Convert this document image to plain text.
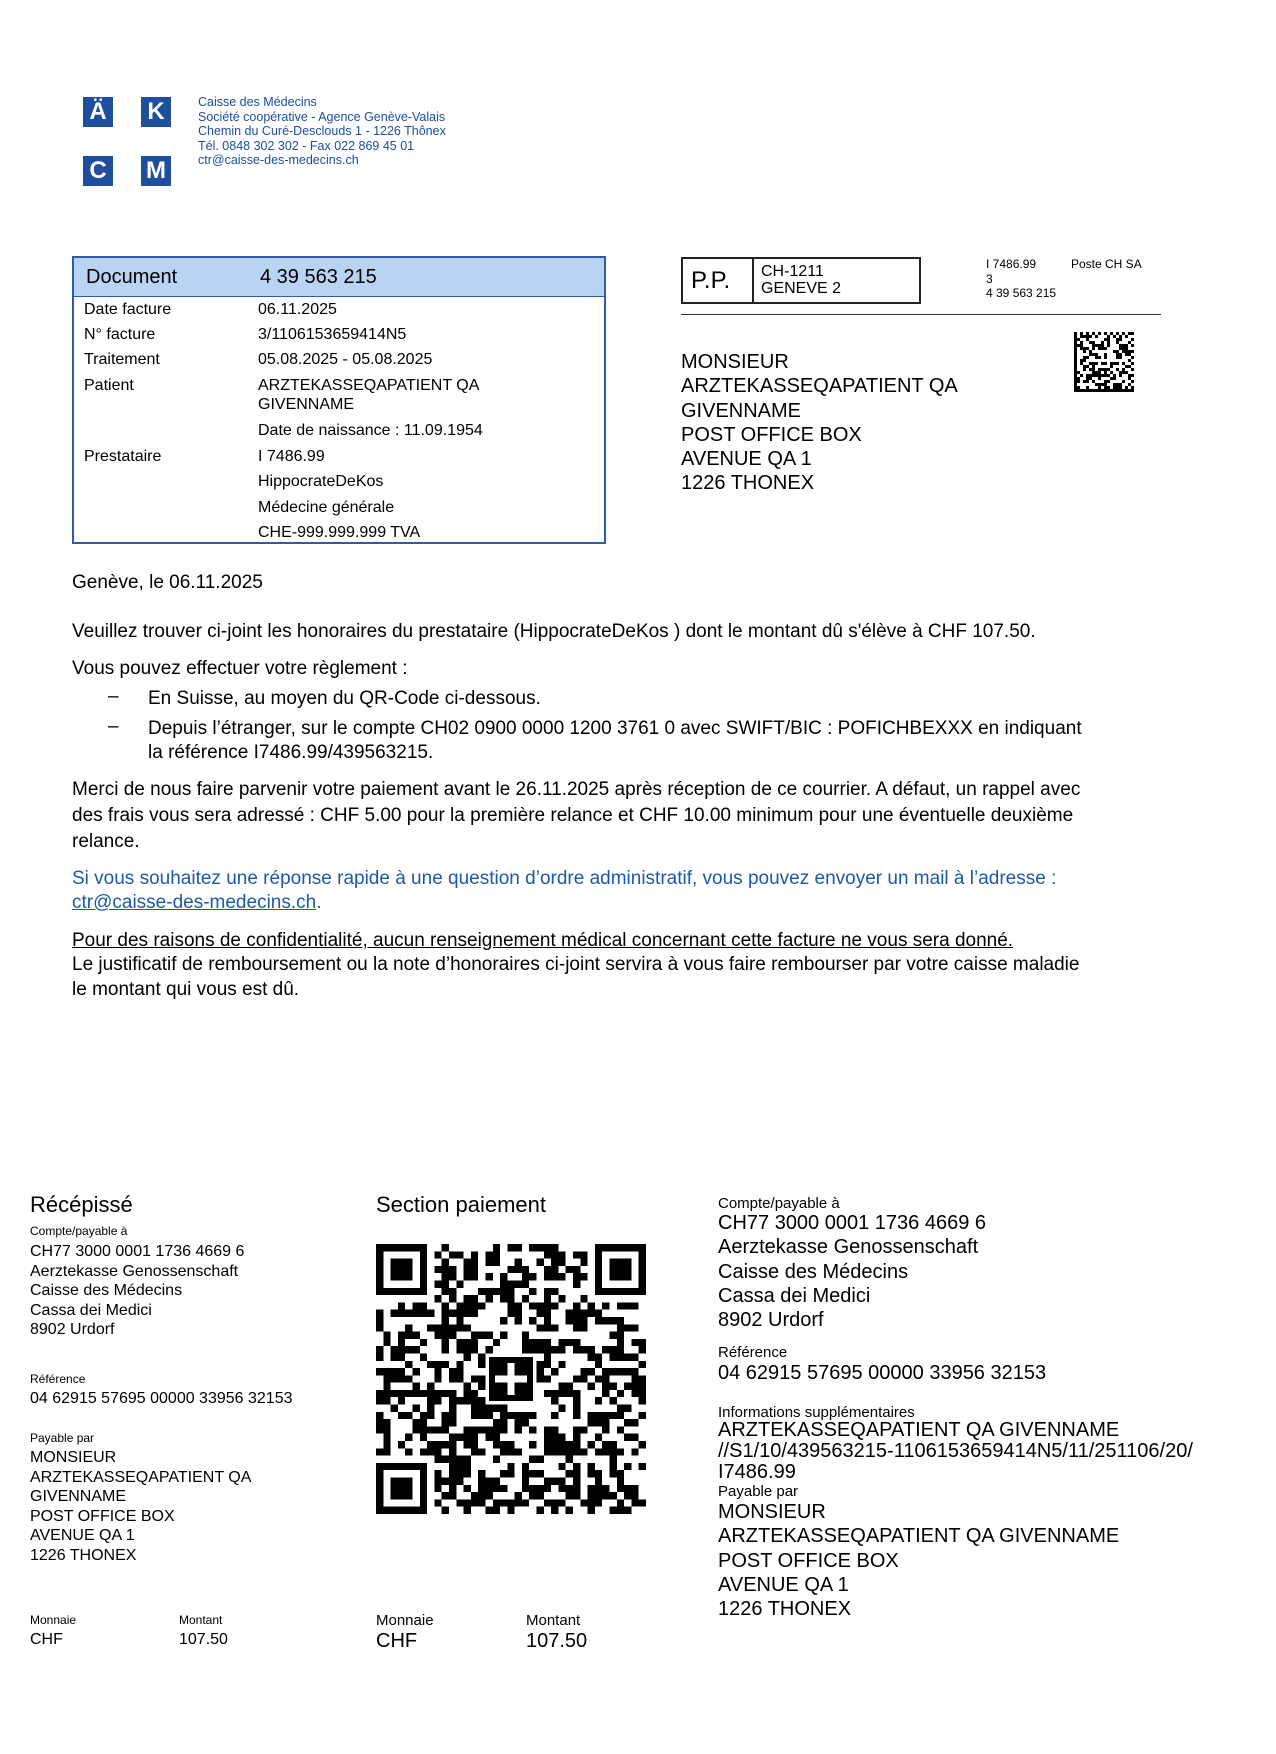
Ä K
C M
Caisse des Médecins
Société coopérative - Agence Genève-Valais
Chemin du Curé-Desclouds 1 - 1226 Thônex
Tél. 0848 302 302 - Fax 022 869 45 01
ctr@caisse-des-medecins.ch
Document	4 39 563 215
Date facture	06.11.2025
N° facture	3/1106153659414N5
Traitement	05.08.2025 - 05.08.2025
Patient	ARZTEKASSEQAPATIENT QA
GIVENNAME
Date de naissance : 11.09.1954
Prestataire	I 7486.99
HippocrateDeKos
Médecine générale
CHE-999.999.999 TVA
P.P. CH-1211
GENEVE 2
I 7486.99
3
4 39 563 215
Poste CH SA
MONSIEUR
ARZTEKASSEQAPATIENT QA
GIVENNAME
POST OFFICE BOX
AVENUE QA 1
1226 THONEX
Genève, le 06.11.2025
Veuillez trouver ci-joint les honoraires du prestataire (HippocrateDeKos ) dont le montant dû s'élève à CHF 107.50.
Vous pouvez effectuer votre règlement :
– En Suisse, au moyen du QR-Code ci-dessous.
– Depuis l’étranger, sur le compte CH02 0900 0000 1200 3761 0 avec SWIFT/BIC : POFICHBEXXX en indiquant
la référence I7486.99/439563215.
Merci de nous faire parvenir votre paiement avant le 26.11.2025 après réception de ce courrier. A défaut, un rappel avec
des frais vous sera adressé : CHF 5.00 pour la première relance et CHF 10.00 minimum pour une éventuelle deuxième
relance.
Si vous souhaitez une réponse rapide à une question d’ordre administratif, vous pouvez envoyer un mail à l’adresse :
ctr@caisse-des-medecins.ch.
Pour des raisons de confidentialité, aucun renseignement médical concernant cette facture ne vous sera donné.
Le justificatif de remboursement ou la note d’honoraires ci-joint servira à vous faire rembourser par votre caisse maladie
le montant qui vous est dû.
Récépissé
Compte/payable à
CH77 3000 0001 1736 4669 6
Aerztekasse Genossenschaft
Caisse des Médecins
Cassa dei Medici
8902 Urdorf
Référence
04 62915 57695 00000 33956 32153
Payable par
MONSIEUR
ARZTEKASSEQAPATIENT QA
GIVENNAME
POST OFFICE BOX
AVENUE QA 1
1226 THONEX
Monnaie
CHF
Montant
107.50
Section paiement
Monnaie
CHF
Montant
107.50
Compte/payable à
CH77 3000 0001 1736 4669 6
Aerztekasse Genossenschaft
Caisse des Médecins
Cassa dei Medici
8902 Urdorf
Référence
04 62915 57695 00000 33956 32153
Informations supplémentaires
ARZTEKASSEQAPATIENT QA GIVENNAME
//S1/10/439563215-1106153659414N5/11/251106/20/
I7486.99
Payable par
MONSIEUR
ARZTEKASSEQAPATIENT QA GIVENNAME
POST OFFICE BOX
AVENUE QA 1
1226 THONEX
